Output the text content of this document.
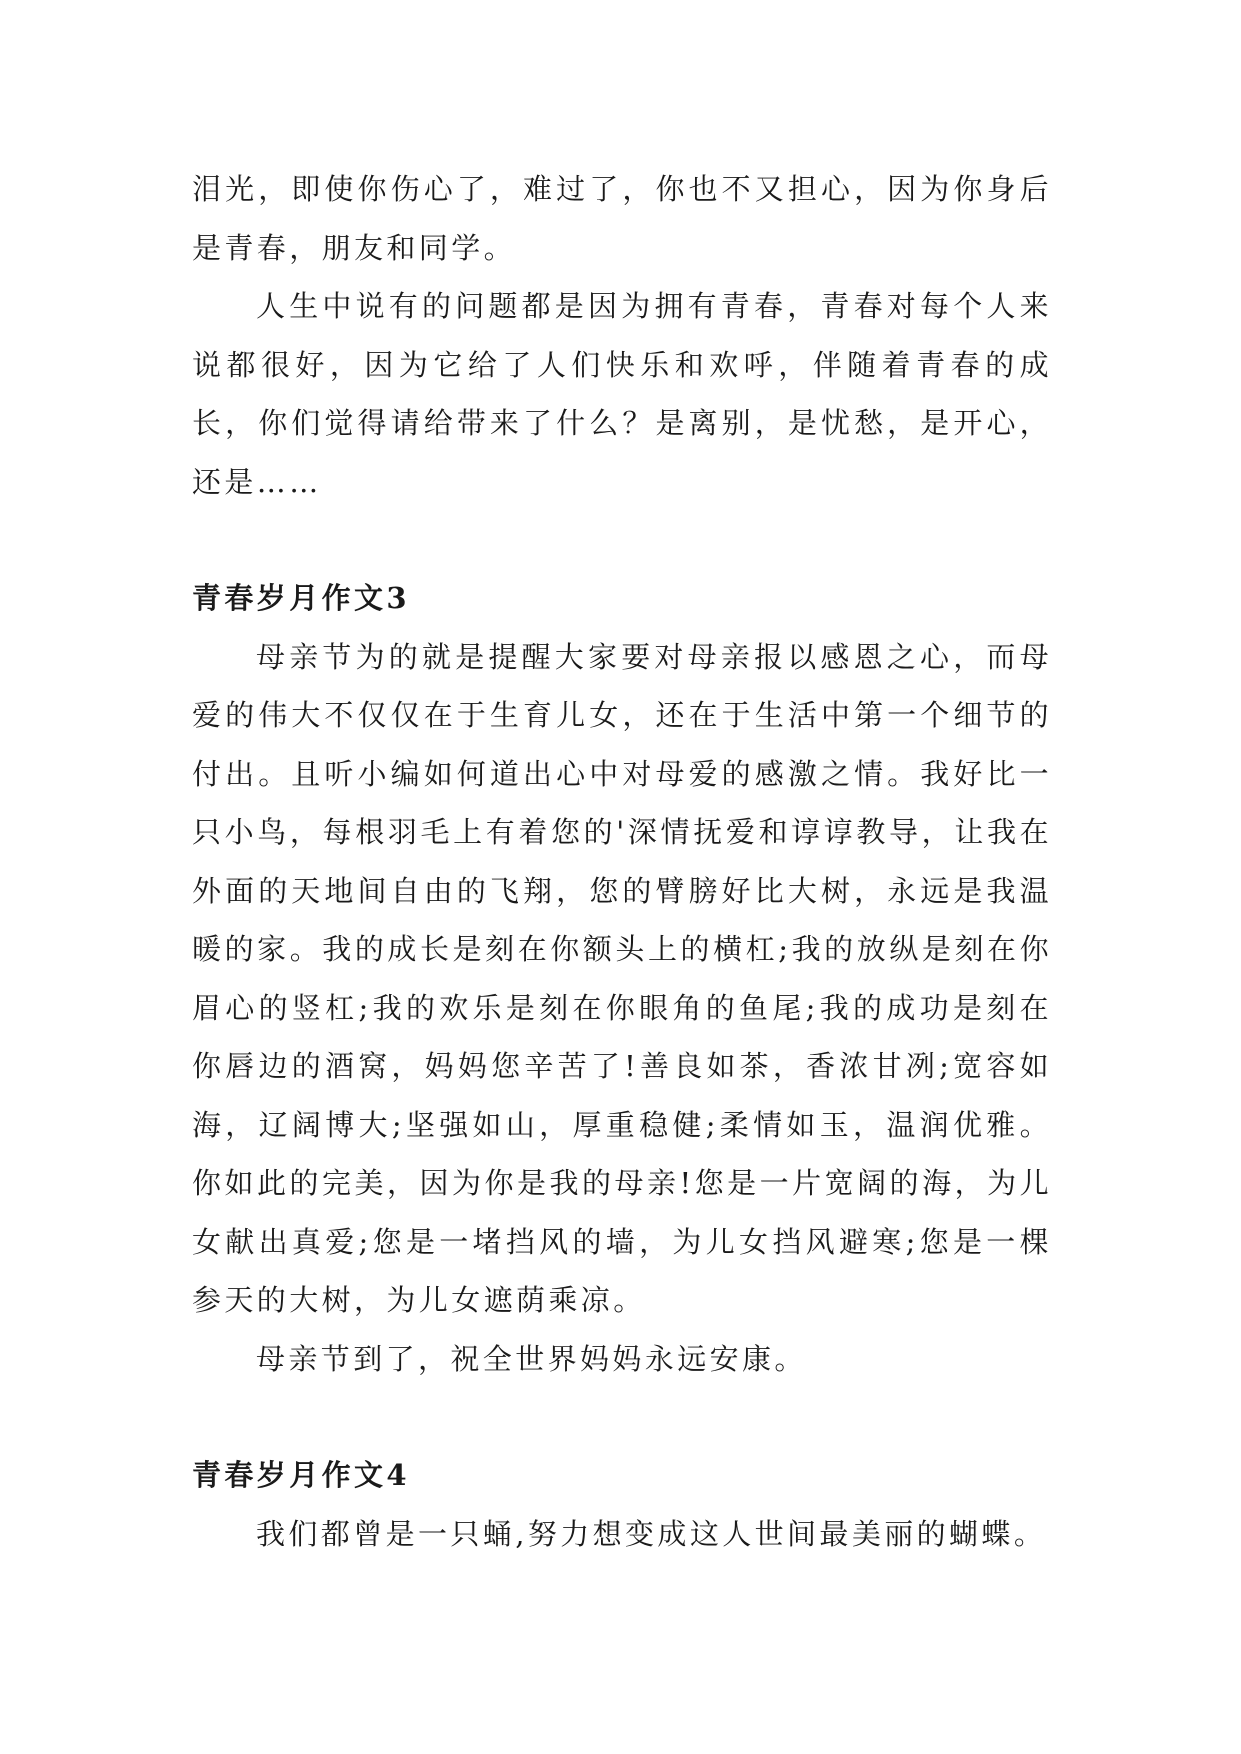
泪光，即使你伤心了，难过了，你也不又担心，因为你身后是青春，朋友和同学。

人生中说有的问题都是因为拥有青春，青春对每个人来说都很好，因为它给了人们快乐和欢呼，伴随着青春的成长，你们觉得请给带来了什么？是离别，是忧愁，是开心，还是……

青春岁月作文3

母亲节为的就是提醒大家要对母亲报以感恩之心，而母爱的伟大不仅仅在于生育儿女，还在于生活中第一个细节的付出。且听小编如何道出心中对母爱的感激之情。我好比一只小鸟，每根羽毛上有着您的'深情抚爱和谆谆教导，让我在外面的天地间自由的飞翔，您的臂膀好比大树，永远是我温暖的家。我的成长是刻在你额头上的横杠;我的放纵是刻在你眉心的竖杠;我的欢乐是刻在你眼角的鱼尾;我的成功是刻在你唇边的酒窝，妈妈您辛苦了!善良如茶，香浓甘冽;宽容如海，辽阔博大;坚强如山，厚重稳健;柔情如玉，温润优雅。你如此的完美，因为你是我的母亲!您是一片宽阔的海，为儿女献出真爱;您是一堵挡风的墙，为儿女挡风避寒;您是一棵参天的大树，为儿女遮荫乘凉。

母亲节到了，祝全世界妈妈永远安康。

青春岁月作文4

我们都曾是一只蛹,努力想变成这人世间最美丽的蝴蝶。
